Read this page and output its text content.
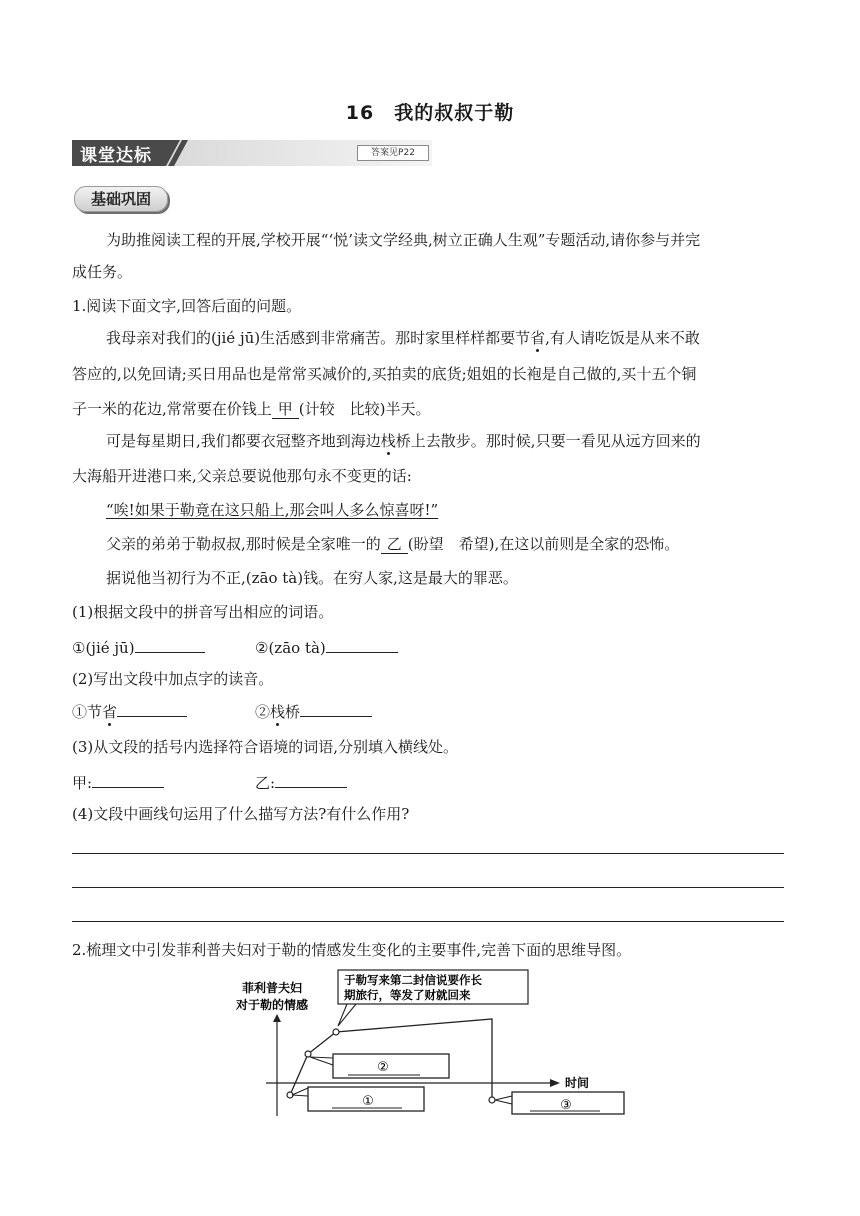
16　我的叔叔于勒
课堂达标	答案见P22
基础巩固
为助推阅读工程的开展,学校开展“‘悦’读文学经典,树立正确人生观”专题活动,请你参与并完
成任务。
1.阅读下面文字,回答后面的问题。
我母亲对我们的(jié jū)生活感到非常痛苦。那时家里样样都要节省,有人请吃饭是从来不敢
答应的,以免回请;买日用品也是常常买减价的,买拍卖的底货;姐姐的长袍是自己做的,买十五个铜
子一米的花边,常常要在价钱上 甲 (计较　比较)半天。
可是每星期日,我们都要衣冠整齐地到海边栈桥上去散步。那时候,只要一看见从远方回来的
大海船开进港口来,父亲总要说他那句永不变更的话:
“唉!如果于勒竟在这只船上,那会叫人多么惊喜呀!”
父亲的弟弟于勒叔叔,那时候是全家唯一的 乙 (盼望　希望),在这以前则是全家的恐怖。
据说他当初行为不正,(zāo tà)钱。在穷人家,这是最大的罪恶。
(1)根据文段中的拼音写出相应的词语。
①(jié jū)	②(zāo tà)
(2)写出文段中加点字的读音。
①节省	②栈桥
(3)从文段的括号内选择符合语境的词语,分别填入横线处。
甲:	乙:
(4)文段中画线句运用了什么描写方法?有什么作用?
2.梳理文中引发菲利普夫妇对于勒的情感发生变化的主要事件,完善下面的思维导图。
菲利普夫妇
对于勒的情感
时间
于勒写来第二封信说要作长
期旅行，等发了财就回来
②
①	③
